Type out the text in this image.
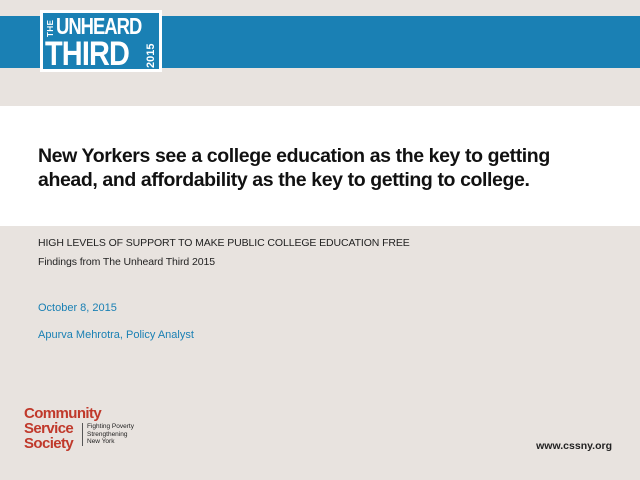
THE UNHEARD
THIRD 2015
New Yorkers see a college education as the key to getting ahead, and affordability as the key to getting to college.
HIGH LEVELS OF SUPPORT TO MAKE PUBLIC COLLEGE EDUCATION FREE
Findings from The Unheard Third 2015
October 8, 2015
Apurva Mehrotra, Policy Analyst
Community
Service
Society
Fighting Poverty
Strengthening
New York	www.cssny.org
